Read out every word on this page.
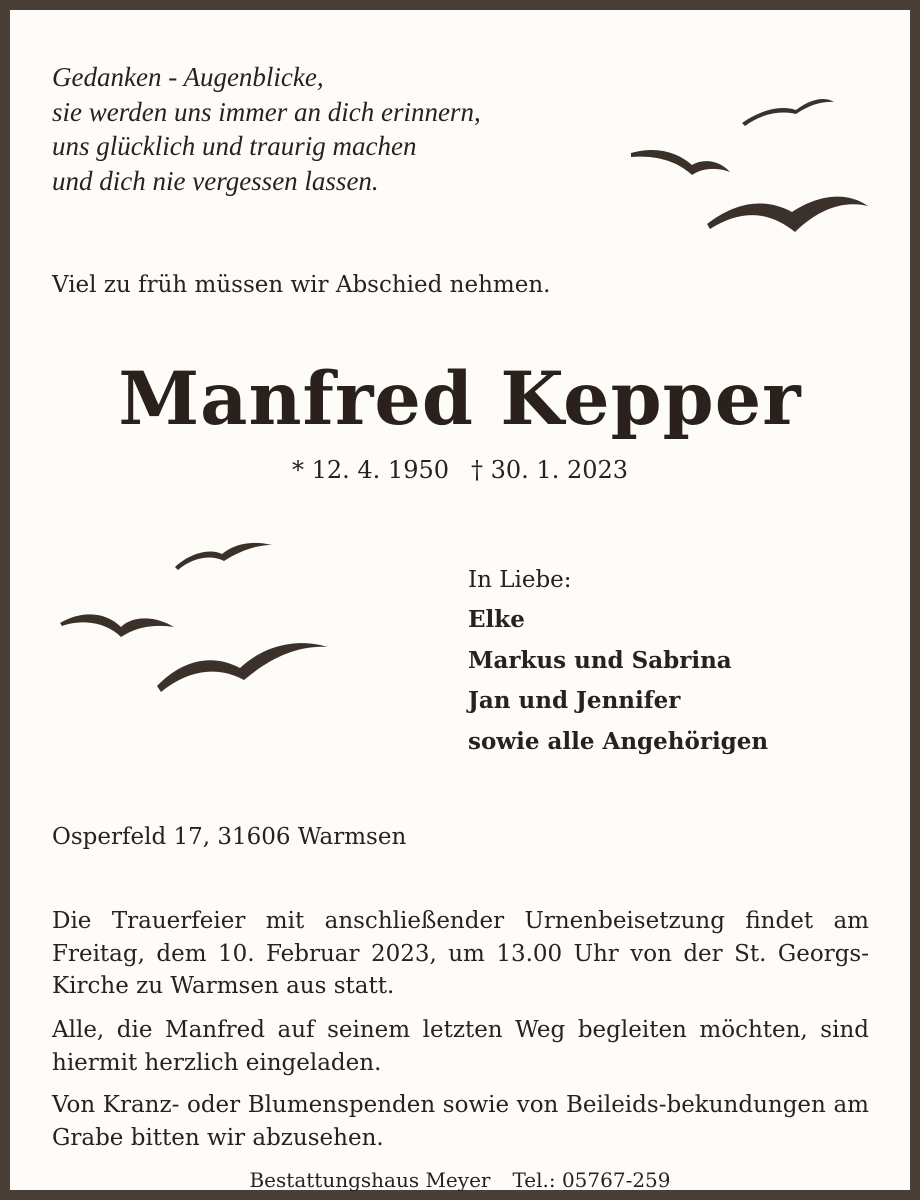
Gedanken - Augenblicke,
sie werden uns immer an dich erinnern,
uns glücklich und traurig machen
und dich nie vergessen lassen.

Viel zu früh müssen wir Abschied nehmen.

Manfred Kepper

* 12. 4. 1950 † 30. 1. 2023

In Liebe:
Elke
Markus und Sabrina
Jan und Jennifer
sowie alle Angehörigen

Osperfeld 17, 31606 Warmsen

Die Trauerfeier mit anschließender Urnenbeisetzung findet am Freitag, dem 10. Februar 2023, um 13.00 Uhr von der St. Georgs-Kirche zu Warmsen aus statt.

Alle, die Manfred auf seinem letzten Weg begleiten möchten, sind hiermit herzlich eingeladen.

Von Kranz- oder Blumenspenden sowie von Beileids-bekundungen am Grabe bitten wir abzusehen.

Bestattungshaus Meyer Tel.: 05767-259
